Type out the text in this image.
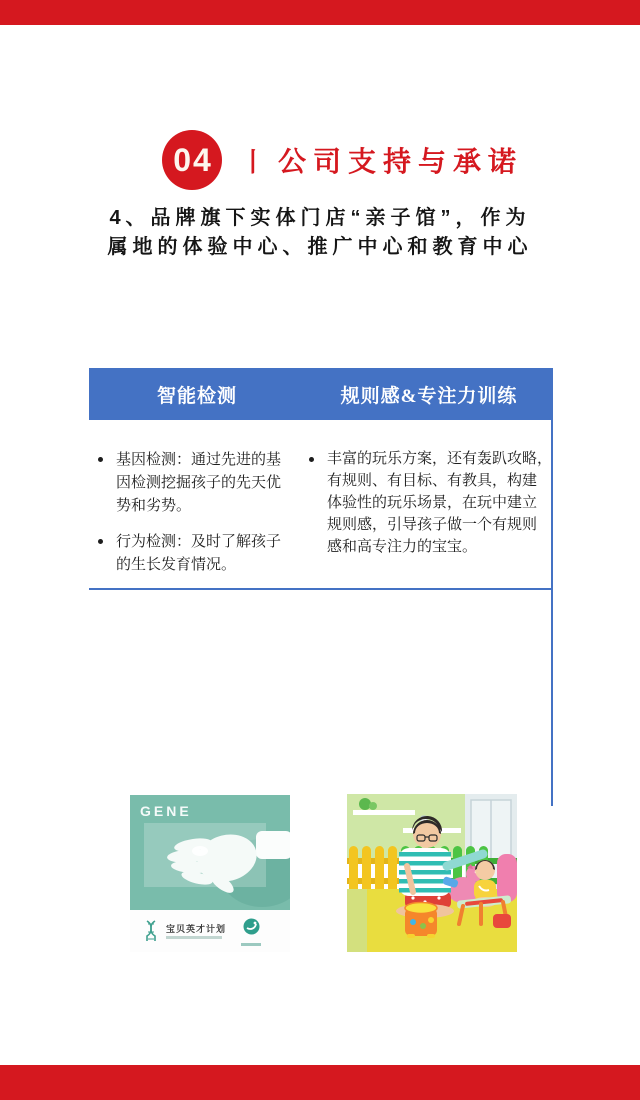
04	丨 公司支持与承诺
4、品牌旗下实体门店“亲子馆”，作为
属地的体验中心、推广中心和教育中心
智能检测	规则感&专注力训练
基因检测：通过先进的基
因检测挖掘孩子的先天优
势和劣势。
行为检测：及时了解孩子
的生长发育情况。
丰富的玩乐方案，还有轰趴攻略，
有规则、有目标、有教具，构建
体验性的玩乐场景，在玩中建立
规则感，引导孩子做一个有规则
感和高专注力的宝宝。
GENE
宝贝英才计划
